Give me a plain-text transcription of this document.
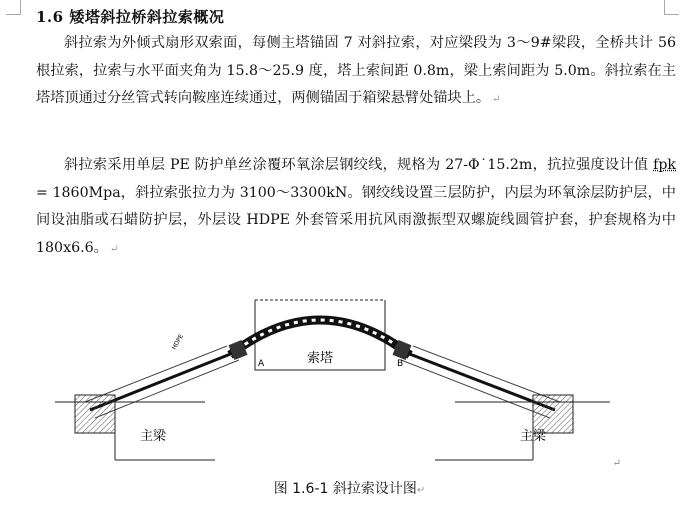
1.6 矮塔斜拉桥斜拉索概况
斜拉索为外倾式扇形双索面，每侧主塔锚固 7 对斜拉索，对应梁段为 3～9#梁段，全桥共计 56 根拉索，拉索与水平面夹角为 15.8～25.9 度，塔上索间距 0.8m，梁上索间距为 5.0m。斜拉索在主塔塔顶通过分丝管式转向鞍座连续通过，两侧锚固于箱梁悬臂处锚块上。 ↵
斜拉索采用单层 PE 防护单丝涂覆环氧涂层钢绞线，规格为 27-Φ˙15.2m，抗拉强度设计值 fpk = 1860Mpa，斜拉索张拉力为 3100～3300kN。钢绞线设置三层防护，内层为环氧涂层防护层，中间设油脂或石蜡防护层，外层设 HDPE 外套管采用抗风雨激振型双螺旋线圆管护套，护套规格为中 180x6.6。 ↵
索塔
A	B
HDPE
主梁	主梁
↵
图 1.6-1 斜拉索设计图↵
